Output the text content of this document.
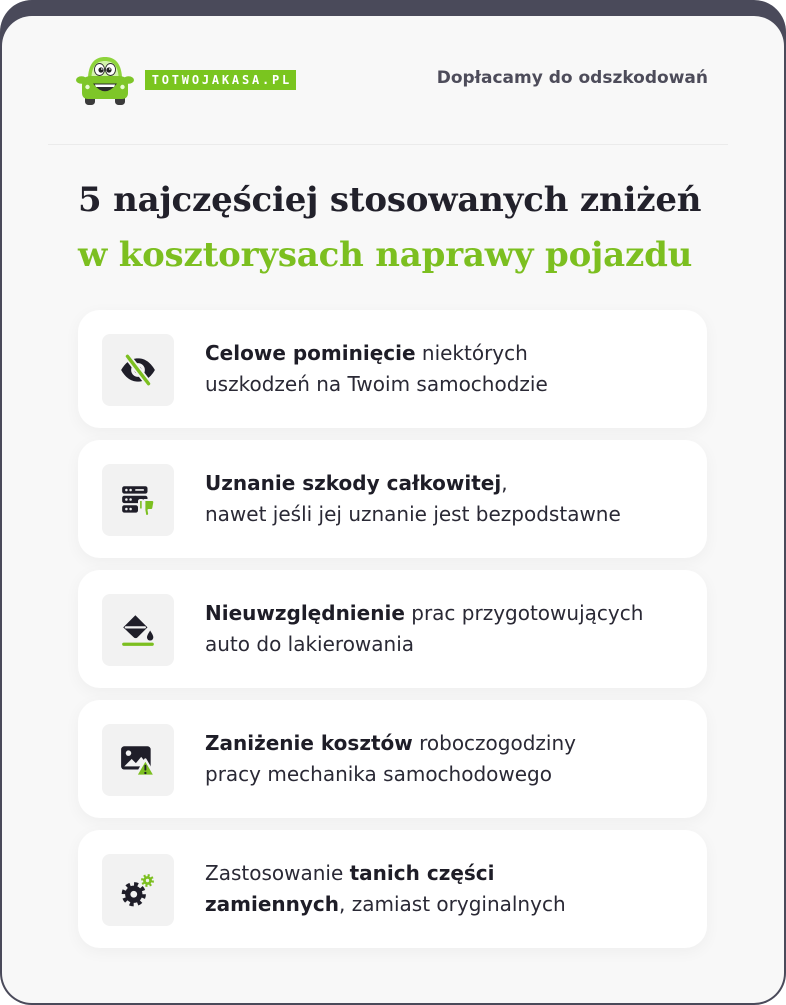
TOTWOJAKASA.PL	Dopłacamy do odszkodowań
5 najczęściej stosowanych zniżeń
w kosztorysach naprawy pojazdu
Celowe pominięcie niektórych
uszkodzeń na Twoim samochodzie
Uznanie szkody całkowitej,
nawet jeśli jej uznanie jest bezpodstawne
Nieuwzględnienie prac przygotowujących
auto do lakierowania
Zaniżenie kosztów roboczogodziny
pracy mechanika samochodowego
Zastosowanie tanich części
zamiennych, zamiast oryginalnych
